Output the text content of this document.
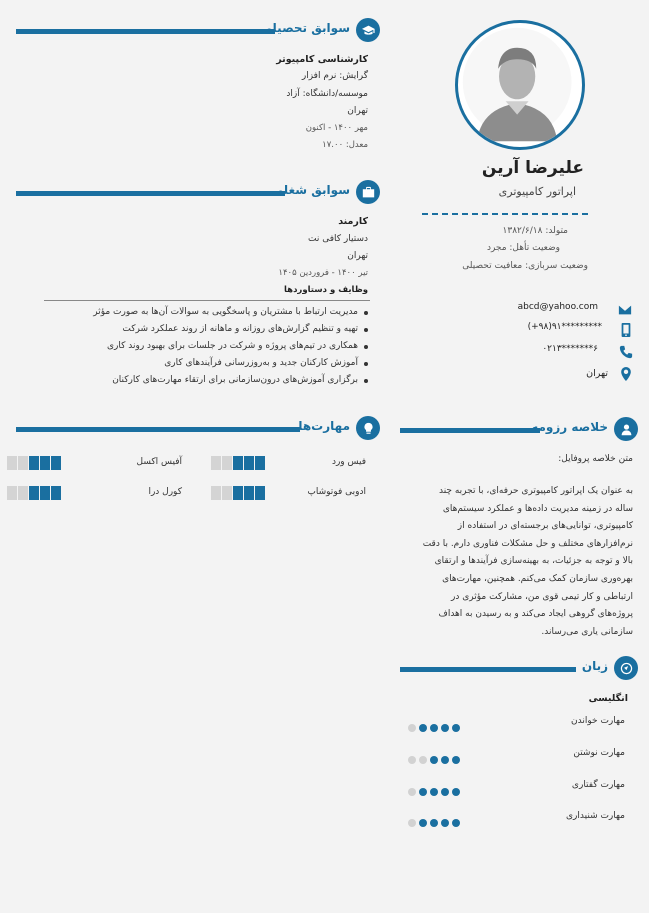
علیرضا آرین
اپراتور کامپیوتری
متولد: ۱۳۸۲/۶/۱۸
وضعیت تأهل: مجرد
وضعیت سربازی: معافیت تحصیلی
abcd@yahoo.com
(+۹۸)۹۱*********
۰۲۱۳*******۶
تهران
سوابق تحصیلی
کارشناسی کامپیوتر
گرایش: نرم افزار
موسسه/دانشگاه: آزاد
تهران
مهر ۱۴۰۰ - اکنون
معدل: ۱۷.۰۰
سوابق شغلی
کارمند
دستیار کافی نت
تهران
تیر ۱۴۰۰ - فروردین ۱۴۰۵
وظایف و دستاوردها
مدیریت ارتباط با مشتریان و پاسخگویی به سوالات آن‌ها به صورت مؤثر
تهیه و تنظیم گزارش‌های روزانه و ماهانه از روند عملکرد شرکت
همکاری در تیم‌های پروژه و شرکت در جلسات برای بهبود روند کاری
آموزش کارکنان جدید و به‌روزرسانی فرآیندهای کاری
برگزاری آموزش‌های درون‌سازمانی برای ارتقاء مهارت‌های کارکنان
مهارت‌ها
فیس ورد
آفیس اکسل
ادوبی فوتوشاپ
کورل درا
خلاصه رزومه
متن خلاصه پروفایل:
به عنوان یک اپراتور کامپیوتری حرفه‌ای، با تجربه چند
ساله در زمینه مدیریت داده‌ها و عملکرد سیستم‌های
کامپیوتری، توانایی‌های برجسته‌ای در استفاده از
نرم‌افزارهای مختلف و حل مشکلات فناوری دارم. با دقت
بالا و توجه به جزئیات، به بهینه‌سازی فرآیندها و ارتقای
بهره‌وری سازمان کمک می‌کنم. همچنین، مهارت‌های
ارتباطی و کار تیمی قوی من، مشارکت مؤثری در
پروژه‌های گروهی ایجاد می‌کند و به رسیدن به اهداف
سازمانی یاری می‌رساند.
زبان
انگلیسی
مهارت خواندن
مهارت نوشتن
مهارت گفتاری
مهارت شنیداری
